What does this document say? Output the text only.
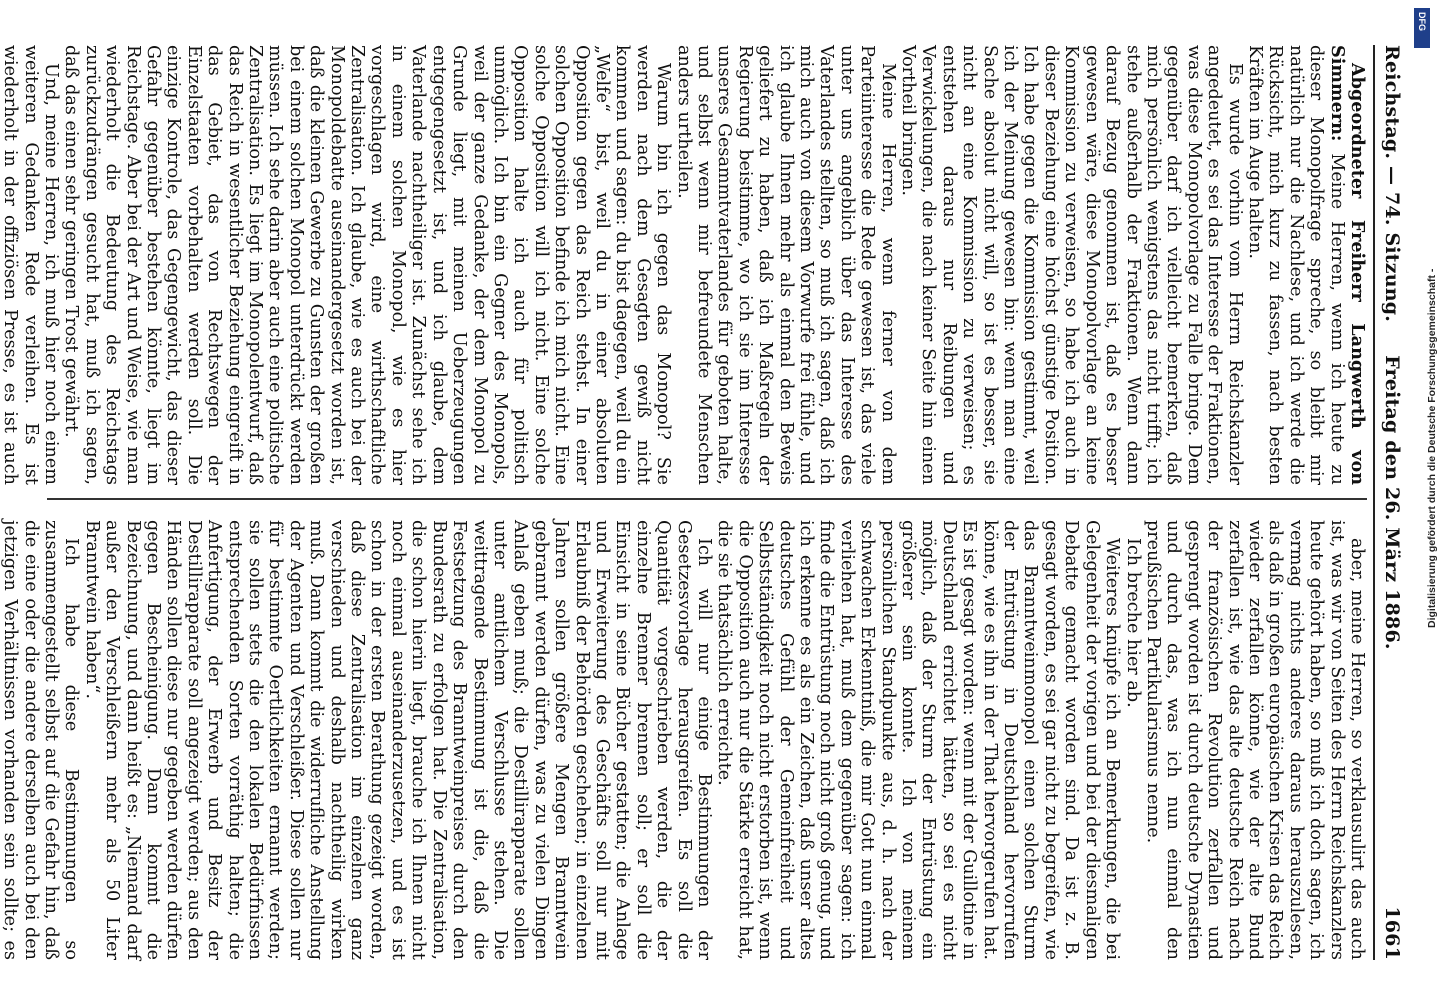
Reichstag. — 74. Sitzung.
Freitag den 26. März 1886.
1661

Abgeordneter Freiherr Langwerth von Simmern: Meine Herren, wenn ich heute zu dieser Monopolfrage spreche, so bleibt mir natürlich nur die Nachlese, und ich werde die Rücksicht, mich kurz zu fassen, nach besten Kräften im Auge halten.

Es wurde vorhin vom Herrn Reichskanzler angedeutet, es sei das Interesse der Fraktionen, was diese Monopolvorlage zu Falle bringe. Dem gegenüber darf ich vielleicht bemerken, daß mich persönlich wenigstens das nicht trifft; ich stehe außerhalb der Fraktionen. Wenn dann darauf Bezug genommen ist, daß es besser gewesen wäre, diese Monopolvorlage an keine Kommission zu verweisen, so habe ich auch in dieser Beziehung eine höchst günstige Position. Ich habe gegen die Kommission gestimmt, weil ich der Meinung gewesen bin: wenn man eine Sache absolut nicht will, so ist es besser, sie nicht an eine Kommission zu verweisen; es entstehen daraus nur Reibungen und Verwickelungen, die nach keiner Seite hin einen Vortheil bringen.

Meine Herren, wenn ferner von dem Parteiinteresse die Rede gewesen ist, das viele unter uns angeblich über das Interesse des Vaterlandes stellten, so muß ich sagen, daß ich mich auch von diesem Vorwurfe frei fühle, und ich glaube Ihnen mehr als einmal den Beweis geliefert zu haben, daß ich Maßregeln der Regierung beistimme, wo ich sie im Interesse unseres Gesammtvaterlandes für geboten halte, und selbst wenn mir befreundete Menschen anders urtheilen.

Warum bin ich gegen das Monopol? Sie werden nach dem Gesagten gewiß nicht kommen und sagen: du bist dagegen, weil du ein „Welfe“ bist, weil du in einer absoluten Opposition gegen das Reich stehst. In einer solchen Opposition befinde ich mich nicht. Eine solche Opposition will ich nicht. Eine solche Opposition halte ich auch für politisch unmöglich. Ich bin ein Gegner des Monopols, weil der ganze Gedanke, der dem Monopol zu Grunde liegt, mit meinen Ueberzeugungen entgegengesetzt ist, und ich glaube, dem Vaterlande nachtheiliger ist. Zunächst sehe ich in einem solchen Monopol, wie es hier vorgeschlagen wird, eine wirthschaftliche Zentralisation. Ich glaube, wie es auch bei der Monopoldebatte auseinandergesetzt worden ist, daß die kleinen Gewerbe zu Gunsten der großen bei einem solchen Monopol unterdrückt werden müssen. Ich sehe darin aber auch eine politische Zentralisation. Es liegt im Monopolentwurf, daß das Reich in wesentlicher Beziehung eingreift in das Gebiet, das von Rechtswegen der Einzelstaaten vorbehalten werden soll. Die einzige Kontrole, das Gegengewicht, das dieser Gefahr gegenüber bestehen könnte, liegt im Reichstage. Aber bei der Art und Weise, wie man wiederholt die Bedeutung des Reichstags zurückzudrängen gesucht hat, muß ich sagen, daß das einen sehr geringen Trost gewährt.

Und, meine Herren, ich muß hier noch einem weiteren Gedanken Rede verleihen. Es ist wiederholt in der offiziösen Presse, es ist auch

aber, meine Herren, so verklausulirt das auch ist, was wir von Seiten des Herrn Reichskanzlers heute gehört haben, so muß ich doch sagen, ich vermag nichts anderes daraus herauszulesen, als daß in großen europäischen Krisen das Reich wieder zerfallen könne, wie der alte Bund zerfallen ist, wie das alte deutsche Reich nach der französischen Revolution zerfallen und gesprengt worden ist durch deutsche Dynastien und durch das, was ich nun einmal den preußischen Partikularismus nenne.

Ich breche hier ab.

Weiteres knüpfe ich an Bemerkungen, die bei Gelegenheit der vorigen und bei der diesmaligen Debatte gemacht worden sind. Da ist z. B. gesagt worden, es sei gar nicht zu begreifen, wie das Branntweinmonopol einen solchen Sturm der Entrüstung in Deutschland hervorrufen könne, wie es ihn in der That hervorgerufen hat. Es ist gesagt worden: wenn mit der Guillotine in Deutschland errichtet hätten, so sei es nicht möglich, daß der Sturm der Entrüstung ein größerer sein konnte. Ich von meinem persönlichen Standpunkte aus, d. h. nach der schwachen Erkenntniß, die mir Gott nun einmal verliehen hat, muß dem gegenüber sagen: ich finde die Entrüstung noch nicht groß genug, und ich erkenne es als ein Zeichen, daß unser altes deutsches Gefühl der Gemeinfreiheit und Selbstständigkeit noch nicht erstorben ist, wenn die Opposition auch nur die Stärke erreicht hat, die sie thatsächlich erreichte.

Ich will nur einige Bestimmungen der Gesetzesvorlage herausgreifen. Es soll die Quantität vorgeschrieben werden, die der einzelne Brenner brennen soll; er soll die Einsicht in seine Bücher gestatten; die Anlage und Erweiterung des Geschäfts soll nur mit Erlaubniß der Behörden geschehen; in einzelnen Jahren sollen größere Mengen Branntwein gebrannt werden dürfen, was zu vielen Dingen Anlaß geben muß; die Destillirapparate sollen unter amtlichem Verschlusse stehen. Die weittragende Bestimmung ist die, daß die Festsetzung des Branntweinpreises durch den Bundesrath zu erfolgen hat. Die Zentralisation, die schon hierin liegt, brauche ich Ihnen nicht noch einmal auseinanderzusetzen, und es ist schon in der ersten Berathung gezeigt worden, daß diese Zentralisation im einzelnen ganz verschieden und deshalb nachtheilig wirken muß. Dann kommt die widerrufliche Anstellung der Agenten und Verschleißer. Diese sollen nur für bestimmte Oertlichkeiten ernannt werden; sie sollen stets die den lokalen Bedürfnissen entsprechenden Sorten vorräthig halten; die Anfertigung, der Erwerb und Besitz der Destillirapparate soll angezeigt werden; aus den Händen sollen diese nur gegeben werden dürfen gegen Bescheinigung. Dann kommt die Bezeichnung, und dann heißt es: „Niemand darf außer den Verschleißern mehr als 50 Liter Branntwein haben“.

Ich habe diese Bestimmungen so zusammengestellt selbst auf die Gefahr hin, daß die eine oder die andere derselben auch bei den jetzigen Verhältnissen vorhanden sein sollte; es

DFG
Digitalisierung gefördert durch die Deutsche Forschungsgemeinschaft -
